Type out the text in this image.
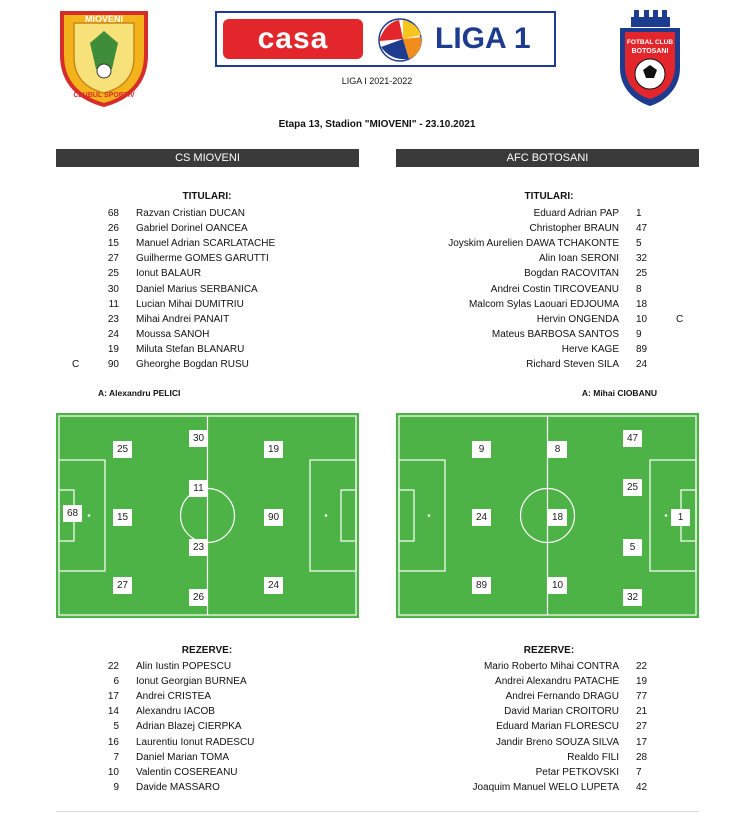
MIOVENI
CLUBUL SPORTIV
casa	LIGA 1	FOTBAL CLUB
BOTOSANI
LIGA I 2021-2022
Etapa 13, Stadion "MIOVENI" - 23.10.2021
CS MIOVENI	AFC BOTOSANI
TITULARI:	TITULARI:
68 Razvan Cristian DUCAN
26 Gabriel Dorinel OANCEA
15 Manuel Adrian SCARLATACHE
27 Guilherme GOMES GARUTTI
25 Ionut BALAUR
30 Daniel Marius SERBANICA
11 Lucian Mihai DUMITRIU
23 Mihai Andrei PANAIT
24 Moussa SANOH
19 Miluta Stefan BLANARU
C	90 Gheorghe Bogdan RUSU
Eduard Adrian PAP 1
Christopher BRAUN 47
Joyskim Aurelien DAWA TCHAKONTE 5
Alin Ioan SERONI 32
Bogdan RACOVITAN 25
Andrei Costin TIRCOVEANU 8
Malcom Sylas Laouari EDJOUMA 18
Hervin ONGENDA 10	C
Mateus BARBOSA SANTOS 9
Herve KAGE 89
Richard Steven SILA 24
A: Alexandru PELICI	A: Mihai CIOBANU
68
25
15
27
30
11
23
26
19
90
24
9
24
89
8
18
10
47
25
5
32
1
REZERVE:	REZERVE:
22 Alin Iustin POPESCU
6 Ionut Georgian BURNEA
17 Andrei CRISTEA
14 Alexandru IACOB
5 Adrian Blazej CIERPKA
16 Laurentiu Ionut RADESCU
7 Daniel Marian TOMA
10 Valentin COSEREANU
9 Davide MASSARO
Mario Roberto Mihai CONTRA 22
Andrei Alexandru PATACHE 19
Andrei Fernando DRAGU 77
David Marian CROITORU 21
Eduard Marian FLORESCU 27
Jandir Breno SOUZA SILVA 17
Realdo FILI 28
Petar PETKOVSKI 7
Joaquim Manuel WELO LUPETA 42
